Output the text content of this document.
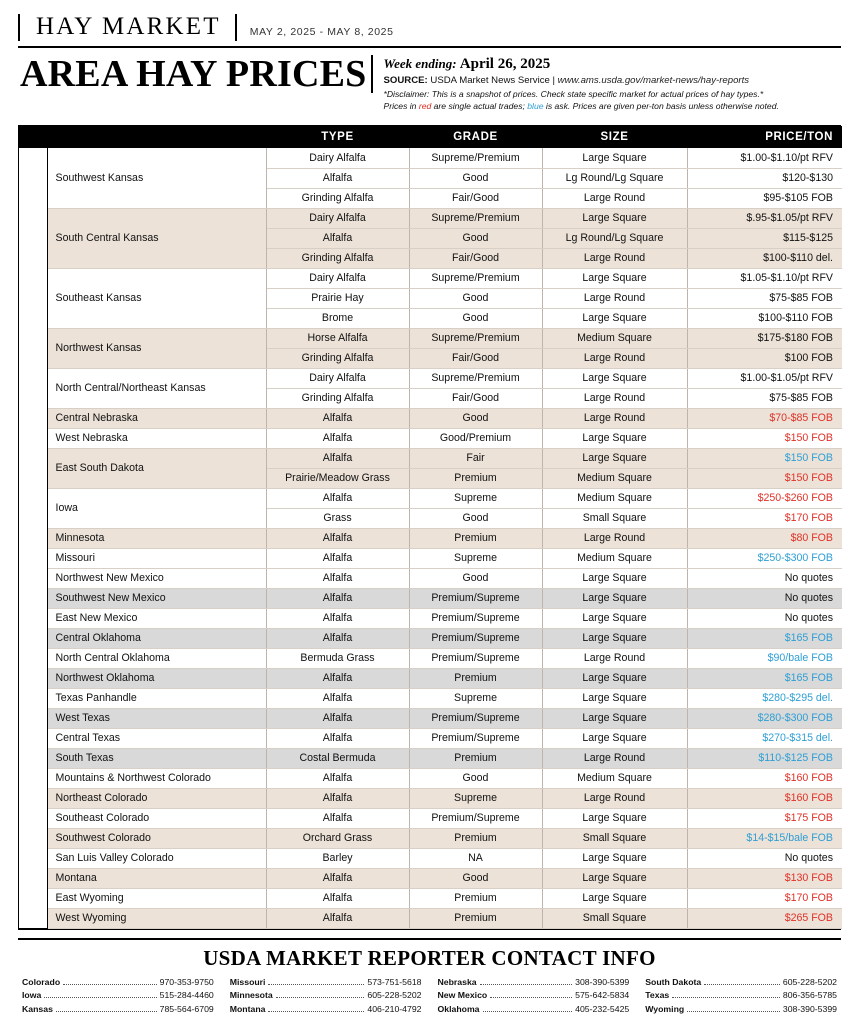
HAY MARKET	MAY 2, 2025 - MAY 8, 2025
AREA HAY PRICES	Week ending: April 26, 2025
SOURCE: USDA Market News Service | www.ams.usda.gov/market-news/hay-reports
*Disclaimer: This is a snapshot of prices. Check state specific market for actual prices of hay types.*
Prices in red are single actual trades; blue is ask. Prices are given per-ton basis unless otherwise noted.
		TYPE	GRADE	SIZE	PRICE/TON
CENTRAL	Southwest Kansas	Dairy Alfalfa	Supreme/Premium	Large Square	$1.00-$1.10/pt RFV
		Alfalfa	Good	Lg Round/Lg Square	$120-$130
		Grinding Alfalfa	Fair/Good	Large Round	$95-$105 FOB
	South Central Kansas	Dairy Alfalfa	Supreme/Premium	Large Square	$.95-$1.05/pt RFV
		Alfalfa	Good	Lg Round/Lg Square	$115-$125
		Grinding Alfalfa	Fair/Good	Large Round	$100-$110 del.
	Southeast Kansas	Dairy Alfalfa	Supreme/Premium	Large Square	$1.05-$1.10/pt RFV
		Prairie Hay	Good	Large Round	$75-$85 FOB
		Brome	Good	Large Square	$100-$110 FOB
	Northwest Kansas	Horse Alfalfa	Supreme/Premium	Medium Square	$175-$180 FOB
		Grinding Alfalfa	Fair/Good	Large Round	$100 FOB
	North Central/Northeast Kansas	Dairy Alfalfa	Supreme/Premium	Large Square	$1.00-$1.05/pt RFV
		Grinding Alfalfa	Fair/Good	Large Round	$75-$85 FOB
	Central Nebraska	Alfalfa	Good	Large Round	$70-$85 FOB
	West Nebraska	Alfalfa	Good/Premium	Large Square	$150 FOB
	East South Dakota	Alfalfa	Fair	Large Square	$150 FOB
		Prairie/Meadow Grass	Premium	Medium Square	$150 FOB
MIDWEST	Iowa	Alfalfa	Supreme	Medium Square	$250-$260 FOB
		Grass	Good	Small Square	$170 FOB
	Minnesota	Alfalfa	Premium	Large Round	$80 FOB
	Missouri	Alfalfa	Supreme	Medium Square	$250-$300 FOB
SOUTHERN	Northwest New Mexico	Alfalfa	Good	Large Square	No quotes
	Southwest New Mexico	Alfalfa	Premium/Supreme	Large Square	No quotes
	East New Mexico	Alfalfa	Premium/Supreme	Large Square	No quotes
	Central Oklahoma	Alfalfa	Premium/Supreme	Large Square	$165 FOB
	North Central Oklahoma	Bermuda Grass	Premium/Supreme	Large Round	$90/bale FOB
	Northwest Oklahoma	Alfalfa	Premium	Large Square	$165 FOB
	Texas Panhandle	Alfalfa	Supreme	Large Square	$280-$295 del.
	West Texas	Alfalfa	Premium/Supreme	Large Square	$280-$300 FOB
	Central Texas	Alfalfa	Premium/Supreme	Large Square	$270-$315 del.
	South Texas	Costal Bermuda	Premium	Large Round	$110-$125 FOB
WESTERN	Mountains & Northwest Colorado	Alfalfa	Good	Medium Square	$160 FOB
	Northeast Colorado	Alfalfa	Supreme	Large Round	$160 FOB
	Southeast Colorado	Alfalfa	Premium/Supreme	Large Square	$175 FOB
	Southwest Colorado	Orchard Grass	Premium	Small Square	$14-$15/bale FOB
	San Luis Valley Colorado	Barley	NA	Large Square	No quotes
	Montana	Alfalfa	Good	Large Square	$130 FOB
	East Wyoming	Alfalfa	Premium	Large Square	$170 FOB
	West Wyoming	Alfalfa	Premium	Small Square	$265 FOB
USDA MARKET REPORTER CONTACT INFO
Colorado	970-353-9750
Iowa	515-284-4460
Kansas	785-564-6709
Missouri	573-751-5618
Minnesota	605-228-5202
Montana	406-210-4792
Nebraska	308-390-5399
New Mexico	575-642-5834
Oklahoma	405-232-5425
South Dakota	605-228-5202
Texas	806-356-5785
Wyoming	308-390-5399
